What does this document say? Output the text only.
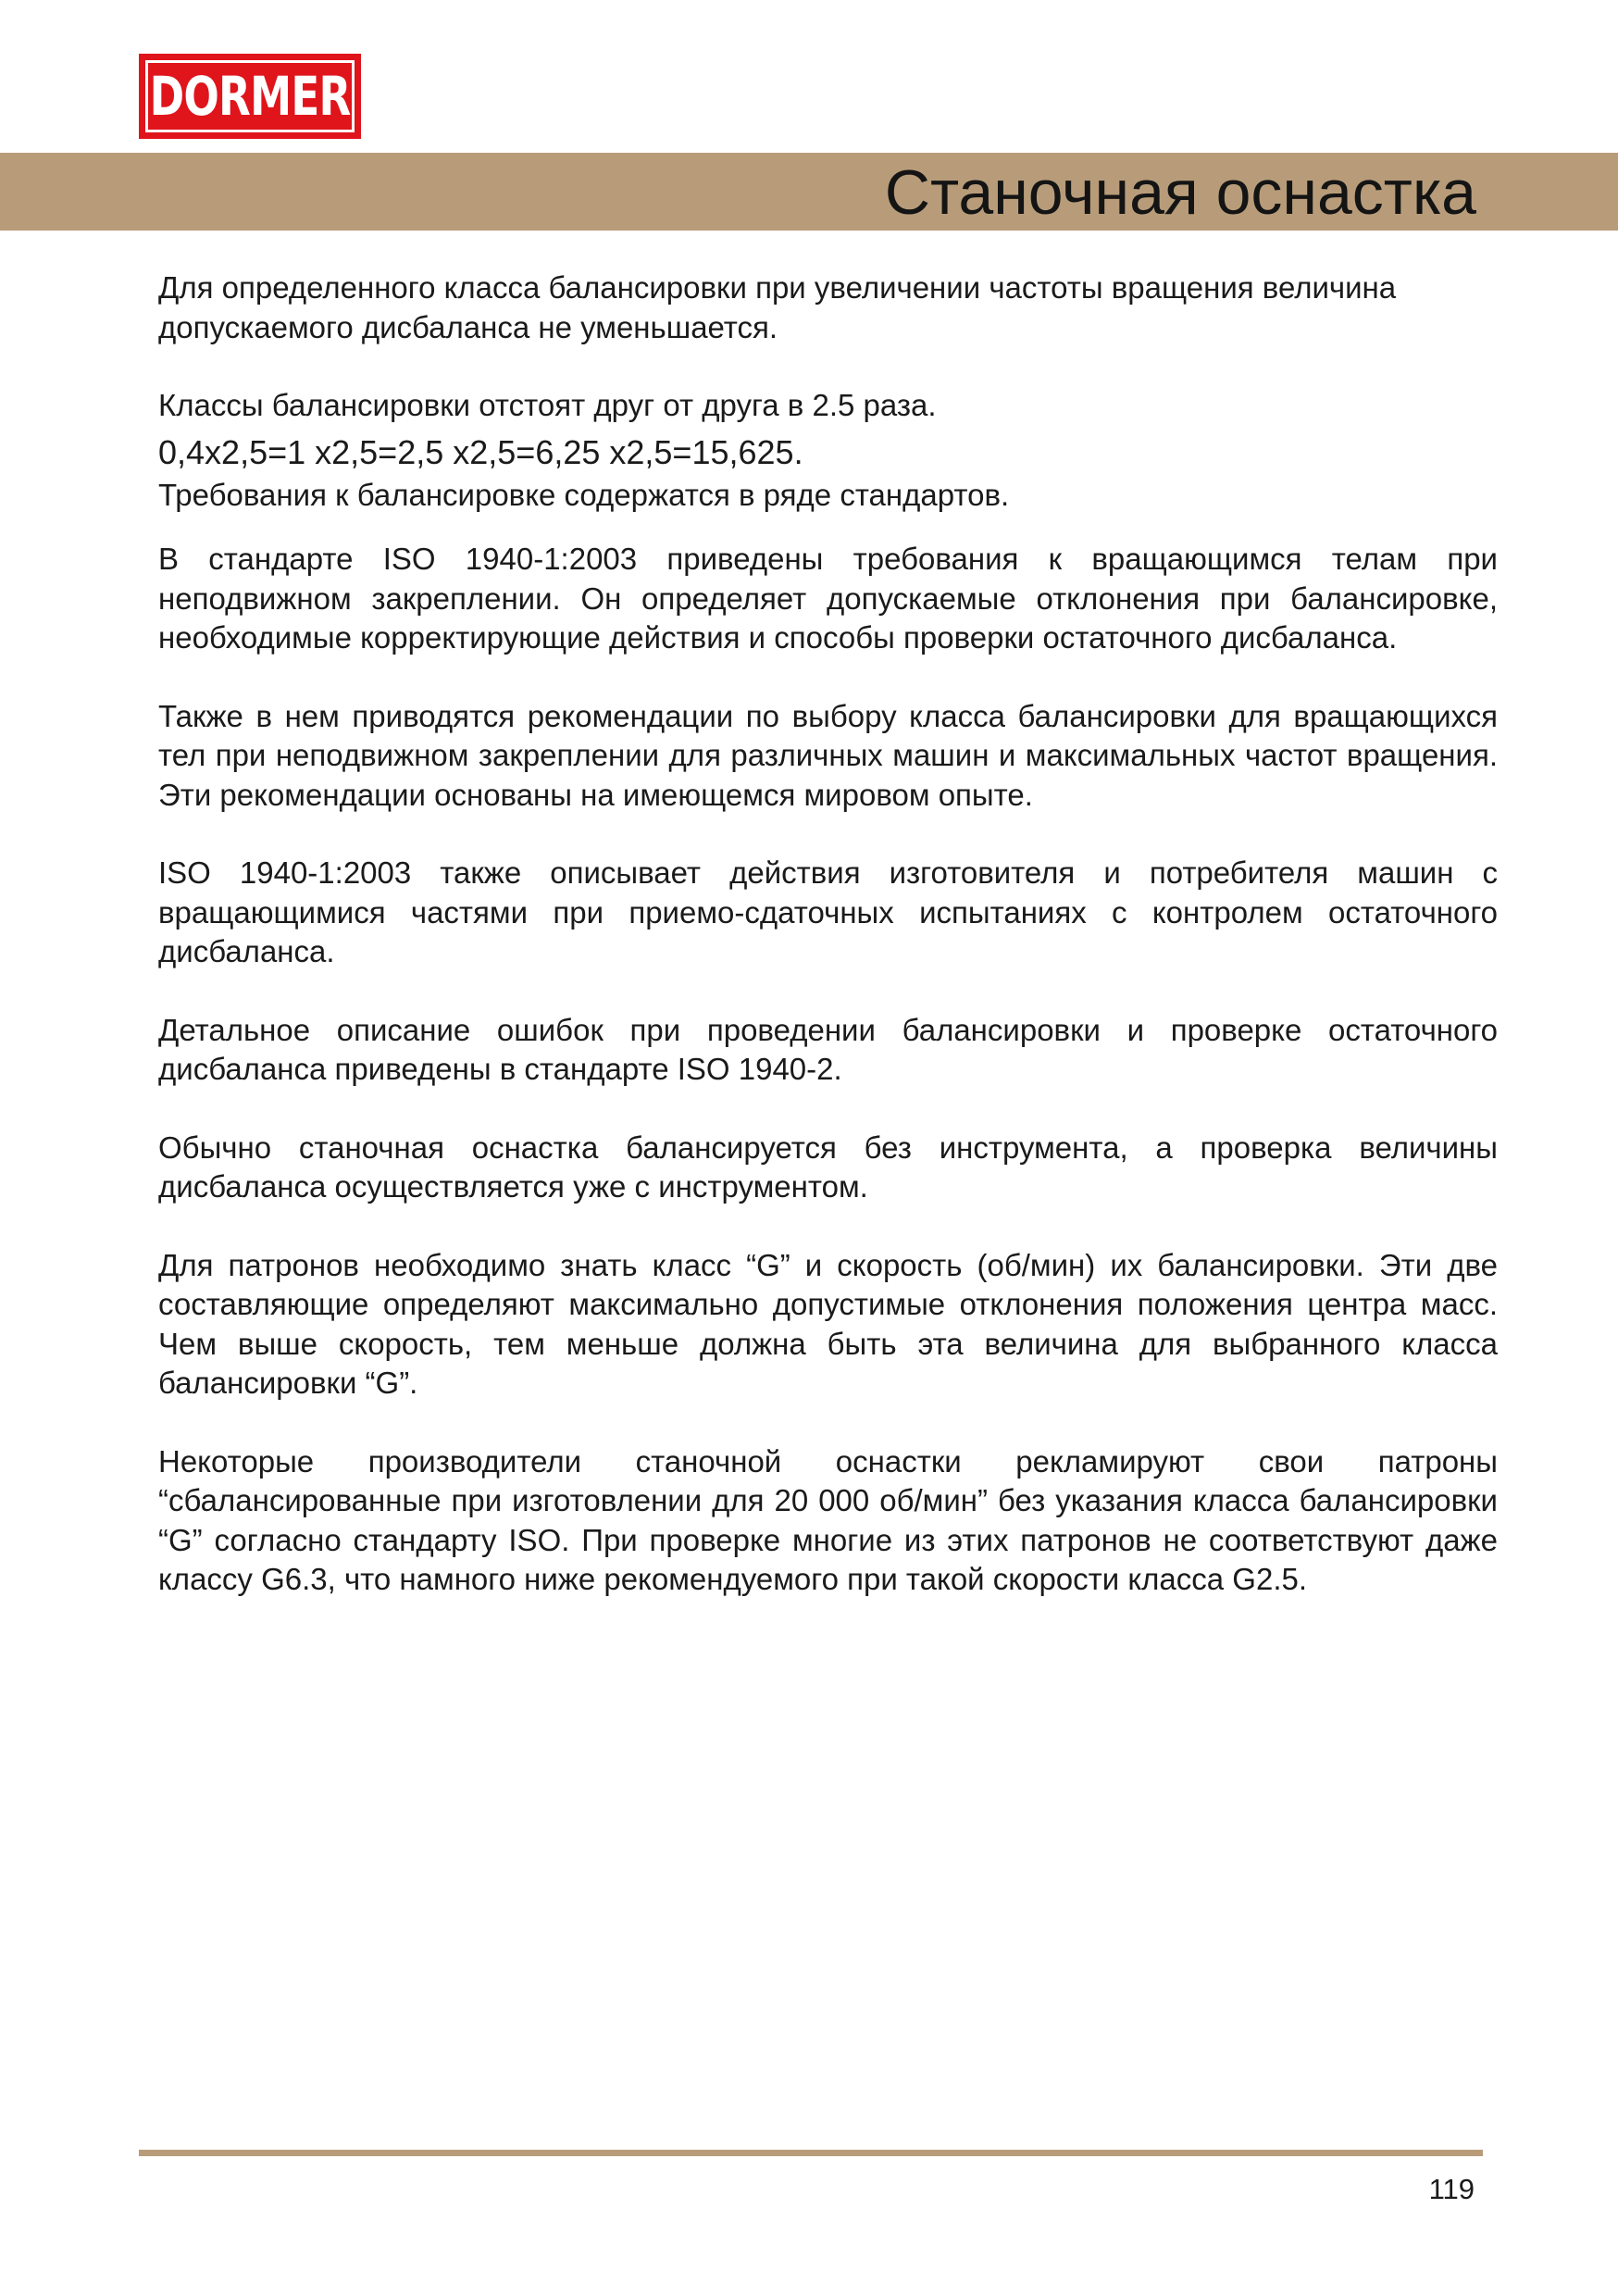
DORMER
Станочная оснастка

Для определенного класса балансировки при увеличении частоты вращения величина допускаемого дисбаланса не уменьшается.

Классы балансировки отстоят друг от друга в 2.5 раза.

0,4x2,5=1 x2,5=2,5 x2,5=6,25 x2,5=15,625.

Требования к балансировке содержатся в ряде стандартов.

В стандарте ISO 1940-1:2003 приведены требования к вращающимся телам при неподвижном закреплении. Он определяет допускаемые отклонения при балансировке, необходимые корректирующие действия и способы проверки остаточного дисбаланса.

Также в нем приводятся рекомендации по выбору класса балансировки для вращающихся тел при неподвижном закреплении для различных машин и максимальных частот вращения. Эти рекомендации основаны на имеющемся мировом опыте.

ISO 1940-1:2003 также описывает действия изготовителя и потребителя машин с вращающимися частями при приемо-сдаточных испытаниях с контролем остаточного дисбаланса.

Детальное описание ошибок при проведении балансировки и проверке остаточного дисбаланса приведены в стандарте ISO 1940-2.

Обычно станочная оснастка балансируется без инструмента, а проверка величины дисбаланса осуществляется уже с инструментом.

Для патронов необходимо знать класс “G” и скорость (об/мин) их балансировки. Эти две составляющие определяют максимально допустимые отклонения положения центра масс. Чем выше скорость, тем меньше должна быть эта величина для выбранного класса балансировки “G”.

Некоторые производители станочной оснастки рекламируют свои патроны “сбалансированные при изготовлении для 20 000 об/мин” без указания класса балансировки “G” согласно стандарту ISO. При проверке многие из этих патронов не соответствуют даже классу G6.3, что намного ниже рекомендуемого при такой скорости класса G2.5.

119
